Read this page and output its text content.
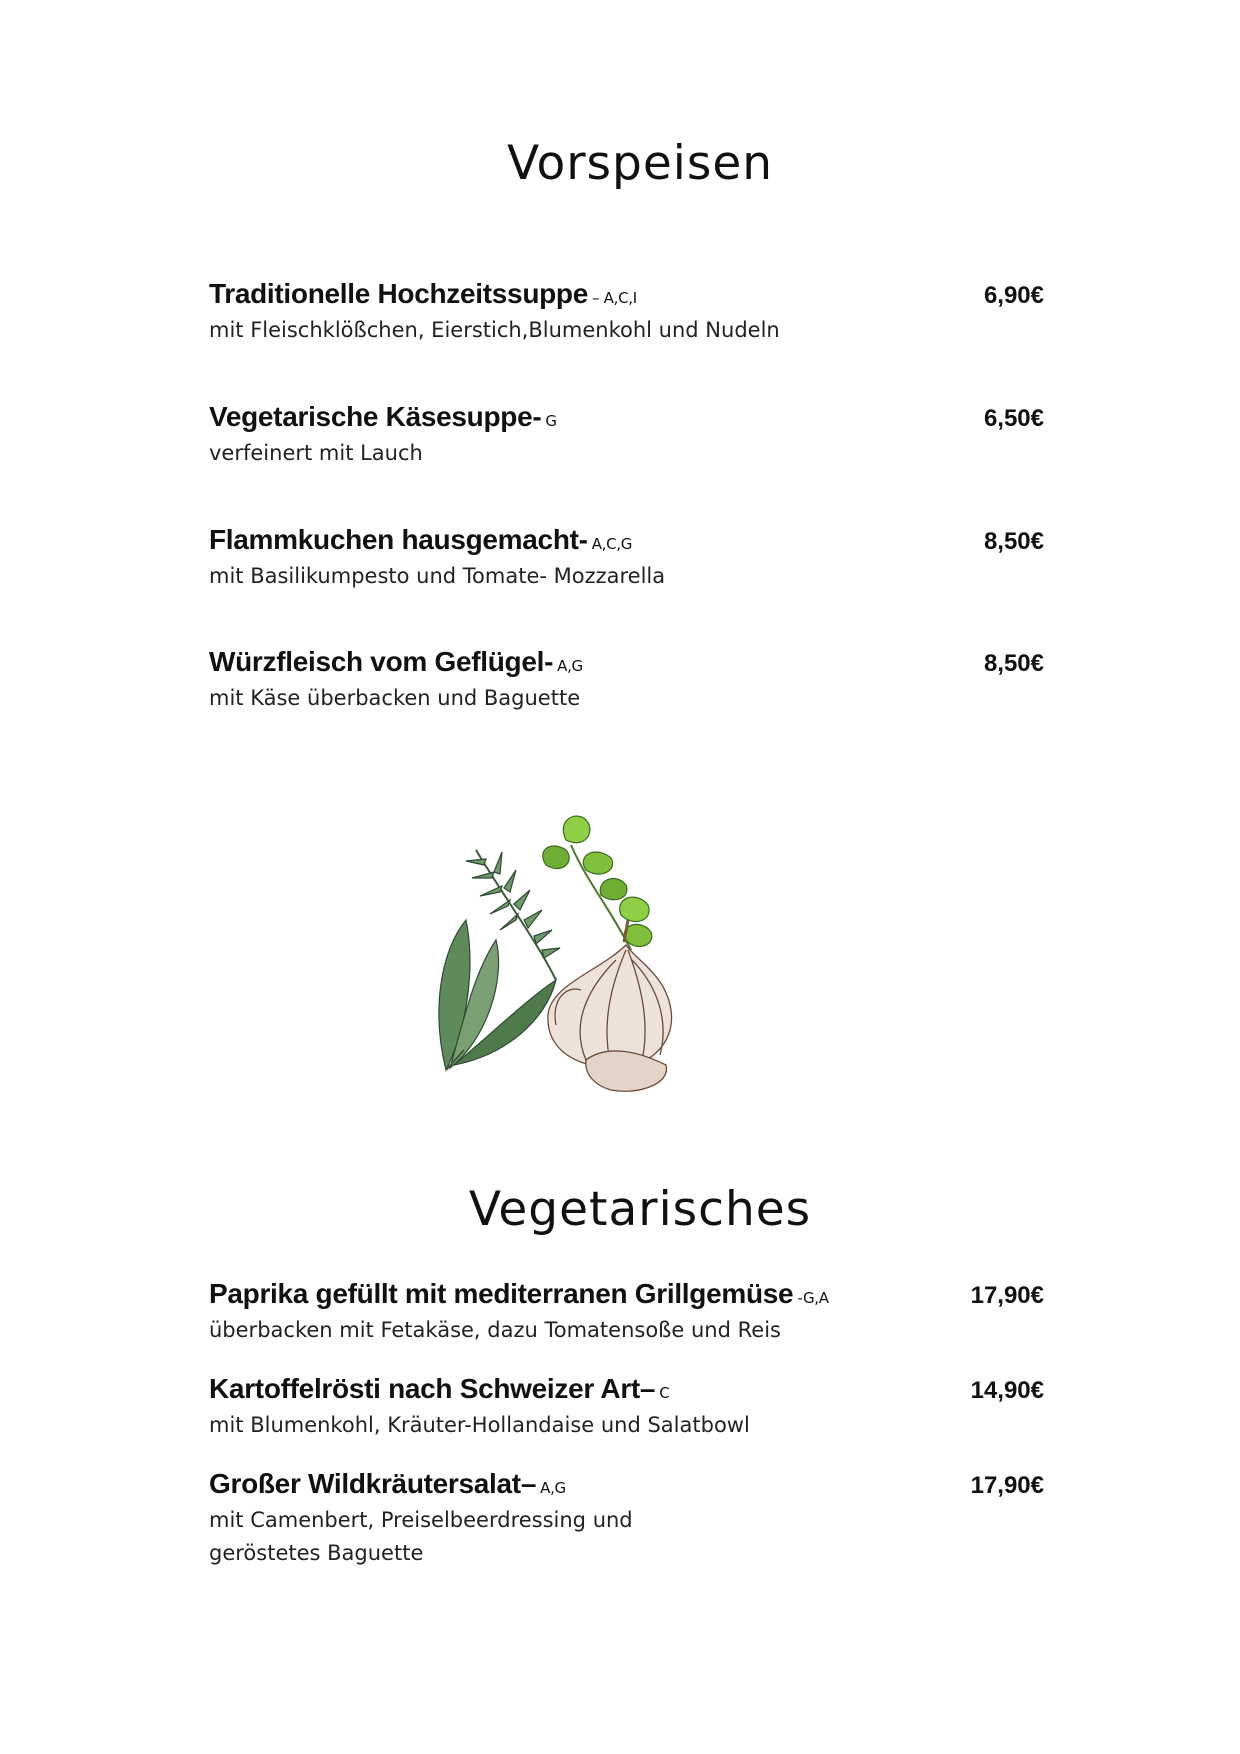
Vorspeisen
Traditionelle Hochzeitssuppe – A,C,I	6,90€
mit Fleischklößchen, Eierstich,Blumenkohl und Nudeln
Vegetarische Käsesuppe- G	6,50€
verfeinert mit Lauch
Flammkuchen hausgemacht- A,C,G	8,50€
mit Basilikumpesto und Tomate- Mozzarella
Würzfleisch vom Geflügel- A,G	8,50€
mit Käse überbacken und Baguette
Vegetarisches
Paprika gefüllt mit mediterranen Grillgemüse -G,A	17,90€
überbacken mit Fetakäse, dazu Tomatensoße und Reis
Kartoffelrösti nach Schweizer Art– C	14,90€
mit Blumenkohl, Kräuter-Hollandaise und Salatbowl
Großer Wildkräutersalat– A,G	17,90€
mit Camenbert, Preiselbeerdressing und geröstetes Baguette
